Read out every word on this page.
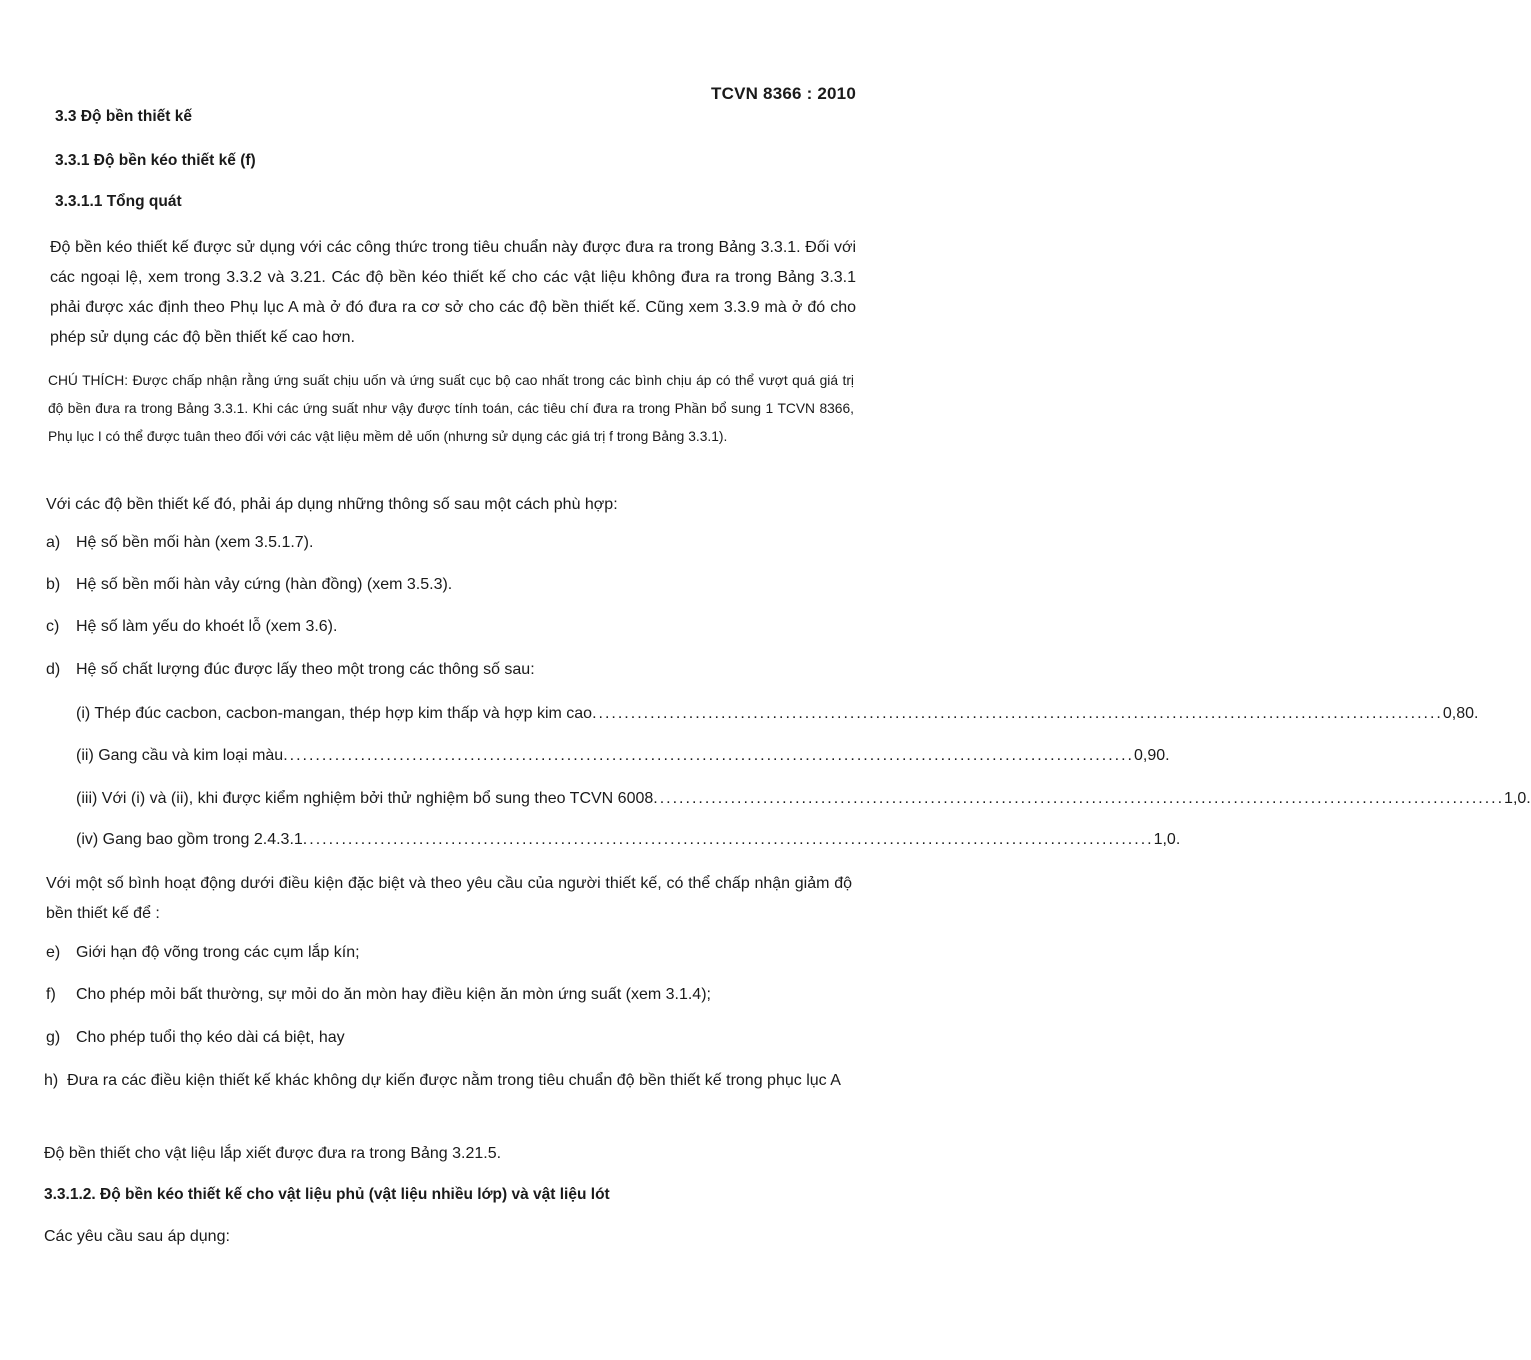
TCVN 8366 : 2010
3.3 Độ bền thiết kế
3.3.1 Độ bền kéo thiết kế (f)
3.3.1.1 Tổng quát
Độ bền kéo thiết kế được sử dụng với các công thức trong tiêu chuẩn này được đưa ra trong Bảng 3.3.1. Đối với các ngoại lệ, xem trong 3.3.2 và 3.21. Các độ bền kéo thiết kế cho các vật liệu không đưa ra trong Bảng 3.3.1 phải được xác định theo Phụ lục A mà ở đó đưa ra cơ sở cho các độ bền thiết kế. Cũng xem 3.3.9 mà ở đó cho phép sử dụng các độ bền thiết kế cao hơn.
CHÚ THÍCH: Được chấp nhận rằng ứng suất chịu uốn và ứng suất cục bộ cao nhất trong các bình chịu áp có thể vượt quá giá trị độ bền đưa ra trong Bảng 3.3.1. Khi các ứng suất như vậy được tính toán, các tiêu chí đưa ra trong Phần bổ sung 1 TCVN 8366, Phụ lục I có thể được tuân theo đối với các vật liệu mềm dẻ uốn (nhưng sử dụng các giá trị f trong Bảng 3.3.1).
Với các độ bền thiết kế đó, phải áp dụng những thông số sau một cách phù hợp:
a) Hệ số bền mối hàn (xem 3.5.1.7).
b) Hệ số bền mối hàn vảy cứng (hàn đồng) (xem 3.5.3).
c) Hệ số làm yếu do khoét lỗ (xem 3.6).
d) Hệ số chất lượng đúc được lấy theo một trong các thông số sau:
(i) Thép đúc cacbon, cacbon-mangan, thép hợp kim thấp và hợp kim cao .................................................................................................................................... 0,80.
(ii) Gang cầu và kim loại màu .................................................................................................................................... 0,90.
(iii) Với (i) và (ii), khi được kiểm nghiệm bởi thử nghiệm bổ sung theo TCVN 6008 .................................................................................................................................... 1,0.
(iv) Gang bao gồm trong 2.4.3.1 .................................................................................................................................... 1,0.
Với một số bình hoạt động dưới điều kiện đặc biệt và theo yêu cầu của người thiết kế, có thể chấp nhận giảm độ bền thiết kế để :
e) Giới hạn độ võng trong các cụm lắp kín;
f) Cho phép mỏi bất thường, sự mỏi do ăn mòn hay điều kiện ăn mòn ứng suất (xem 3.1.4);
g) Cho phép tuổi thọ kéo dài cá biệt, hay
h) Đưa ra các điều kiện thiết kế khác không dự kiến được nằm trong tiêu chuẩn độ bền thiết kế trong phục lục A
Độ bền thiết cho vật liệu lắp xiết được đưa ra trong Bảng 3.21.5.
3.3.1.2. Độ bền kéo thiết kế cho vật liệu phủ (vật liệu nhiều lớp) và vật liệu lót
Các yêu cầu sau áp dụng:
